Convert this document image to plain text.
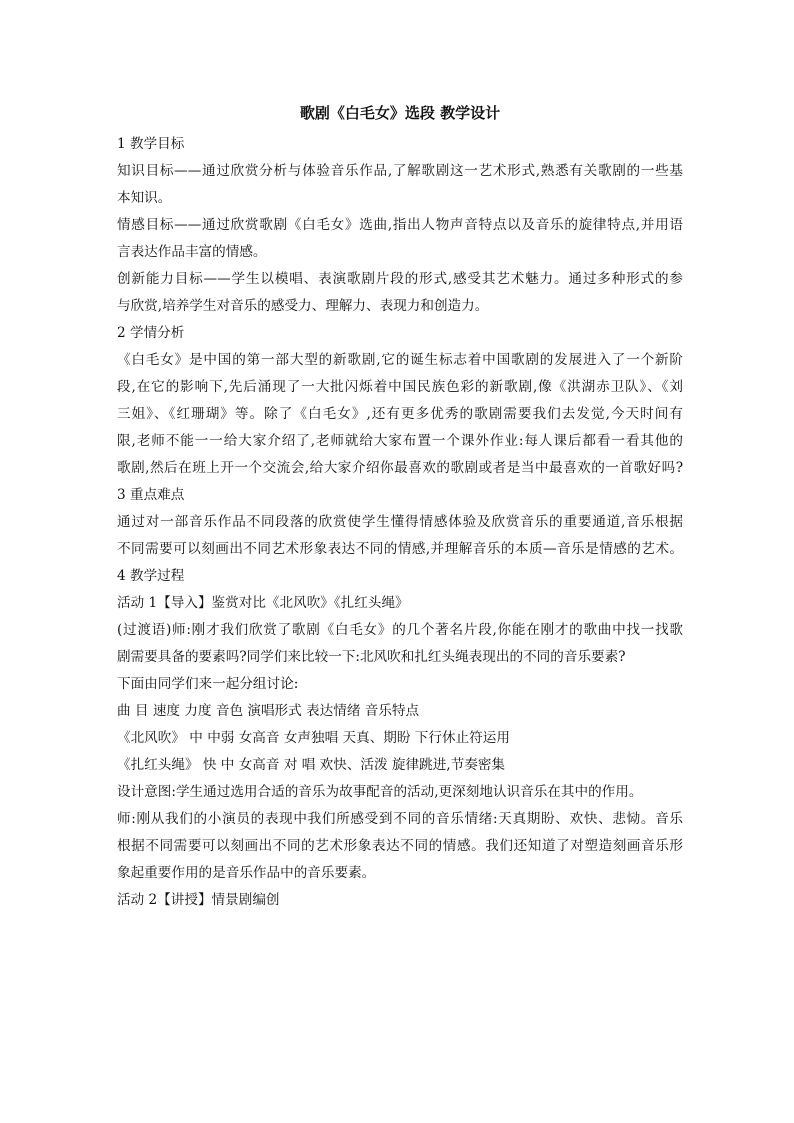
歌剧《白毛女》选段 教学设计

1 教学目标

知识目标——通过欣赏分析与体验音乐作品,了解歌剧这一艺术形式,熟悉有关歌剧的一些基

本知识。

情感目标——通过欣赏歌剧《白毛女》选曲,指出人物声音特点以及音乐的旋律特点,并用语

言表达作品丰富的情感。

创新能力目标——学生以模唱、表演歌剧片段的形式,感受其艺术魅力。通过多种形式的参

与欣赏,培养学生对音乐的感受力、理解力、表现力和创造力。

2 学情分析

《白毛女》是中国的第一部大型的新歌剧,它的诞生标志着中国歌剧的发展进入了一个新阶

段,在它的影响下,先后涌现了一大批闪烁着中国民族色彩的新歌剧,像《洪湖赤卫队》、《刘

三姐》、《红珊瑚》等。除了《白毛女》,还有更多优秀的歌剧需要我们去发觉,今天时间有

限,老师不能一一给大家介绍了,老师就给大家布置一个课外作业:每人课后都看一看其他的

歌剧,然后在班上开一个交流会,给大家介绍你最喜欢的歌剧或者是当中最喜欢的一首歌好吗?

3 重点难点

通过对一部音乐作品不同段落的欣赏使学生懂得情感体验及欣赏音乐的重要通道,音乐根据

不同需要可以刻画出不同艺术形象表达不同的情感,并理解音乐的本质—音乐是情感的艺术。

4 教学过程

活动 1【导入】鉴赏对比《北风吹》《扎红头绳》

(过渡语)师:刚才我们欣赏了歌剧《白毛女》的几个著名片段,你能在刚才的歌曲中找一找歌

剧需要具备的要素吗?同学们来比较一下:北风吹和扎红头绳表现出的不同的音乐要素?

下面由同学们来一起分组讨论:

曲 目 速度 力度 音色 演唱形式 表达情绪 音乐特点

《北风吹》 中 中弱 女高音 女声独唱 天真、期盼 下行休止符运用

《扎红头绳》 快 中 女高音 对 唱 欢快、活泼 旋律跳进,节奏密集

设计意图:学生通过选用合适的音乐为故事配音的活动,更深刻地认识音乐在其中的作用。

师:刚从我们的小演员的表现中我们所感受到不同的音乐情绪:天真期盼、欢快、悲恸。音乐

根据不同需要可以刻画出不同的艺术形象表达不同的情感。我们还知道了对塑造刻画音乐形

象起重要作用的是音乐作品中的音乐要素。

活动 2【讲授】情景剧编创
